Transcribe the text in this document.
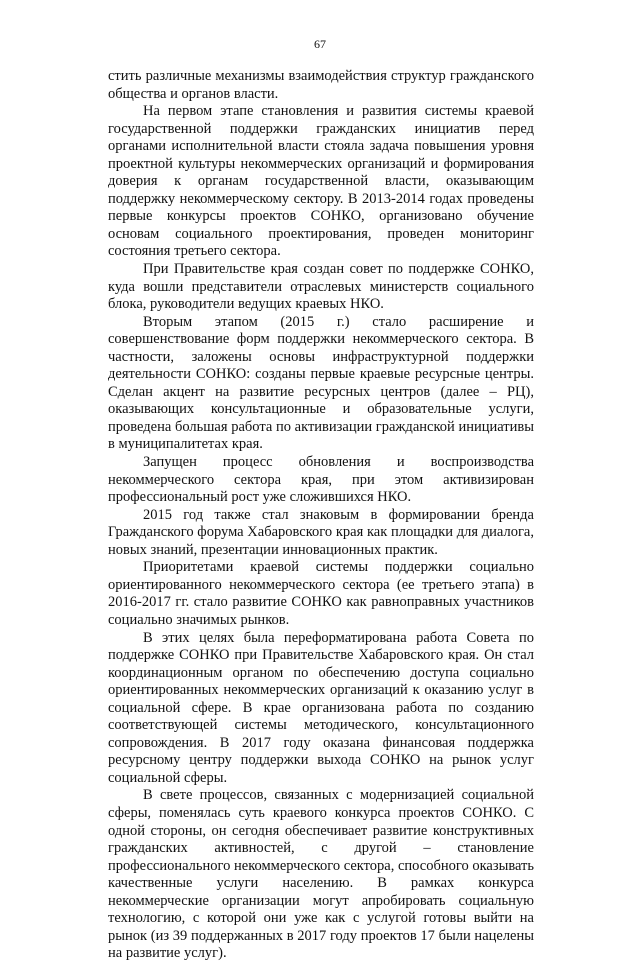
67

стить различные механизмы взаимодействия структур гражданского общества и органов власти.

На первом этапе становления и развития системы краевой государственной поддержки гражданских инициатив перед органами исполнительной власти стояла задача повышения уровня проектной культуры некоммерческих организаций и формирования доверия к органам государственной власти, оказывающим поддержку некоммерческому сектору. В 2013-2014 годах проведены первые конкурсы проектов СОНКО, организовано обучение основам социального проектирования, проведен мониторинг состояния третьего сектора.

При Правительстве края создан совет по поддержке СОНКО, куда вошли представители отраслевых министерств социального блока, руководители ведущих краевых НКО.

Вторым этапом (2015 г.) стало расширение и совершенствование форм поддержки некоммерческого сектора. В частности, заложены основы инфраструктурной поддержки деятельности СОНКО: созданы первые краевые ресурсные центры. Сделан акцент на развитие ресурсных центров (далее – РЦ), оказывающих консультационные и образовательные услуги, проведена большая работа по активизации гражданской инициативы в муниципалитетах края.

Запущен процесс обновления и воспроизводства некоммерческого сектора края, при этом активизирован профессиональный рост уже сложившихся НКО.

2015 год также стал знаковым в формировании бренда Гражданского форума Хабаровского края как площадки для диалога, новых знаний, презентации инновационных практик.

Приоритетами краевой системы поддержки социально ориентированного некоммерческого сектора (ее третьего этапа) в 2016-2017 гг. стало развитие СОНКО как равноправных участников социально значимых рынков.

В этих целях была переформатирована работа Совета по поддержке СОНКО при Правительстве Хабаровского края. Он стал координационным органом по обеспечению доступа социально ориентированных некоммерческих организаций к оказанию услуг в социальной сфере. В крае организована работа по созданию соответствующей системы методического, консультационного сопровождения. В 2017 году оказана финансовая поддержка ресурсному центру поддержки выхода СОНКО на рынок услуг социальной сферы.

В свете процессов, связанных с модернизацией социальной сферы, поменялась суть краевого конкурса проектов СОНКО. С одной стороны, он сегодня обеспечивает развитие конструктивных гражданских активностей, с другой – становление профессионального некоммерческого сектора, способного оказывать качественные услуги населению. В рамках конкурса некоммерческие организации могут апробировать социальную технологию, с которой они уже как с услугой готовы выйти на рынок (из 39 поддержанных в 2017 году проектов 17 были нацелены на развитие услуг).
